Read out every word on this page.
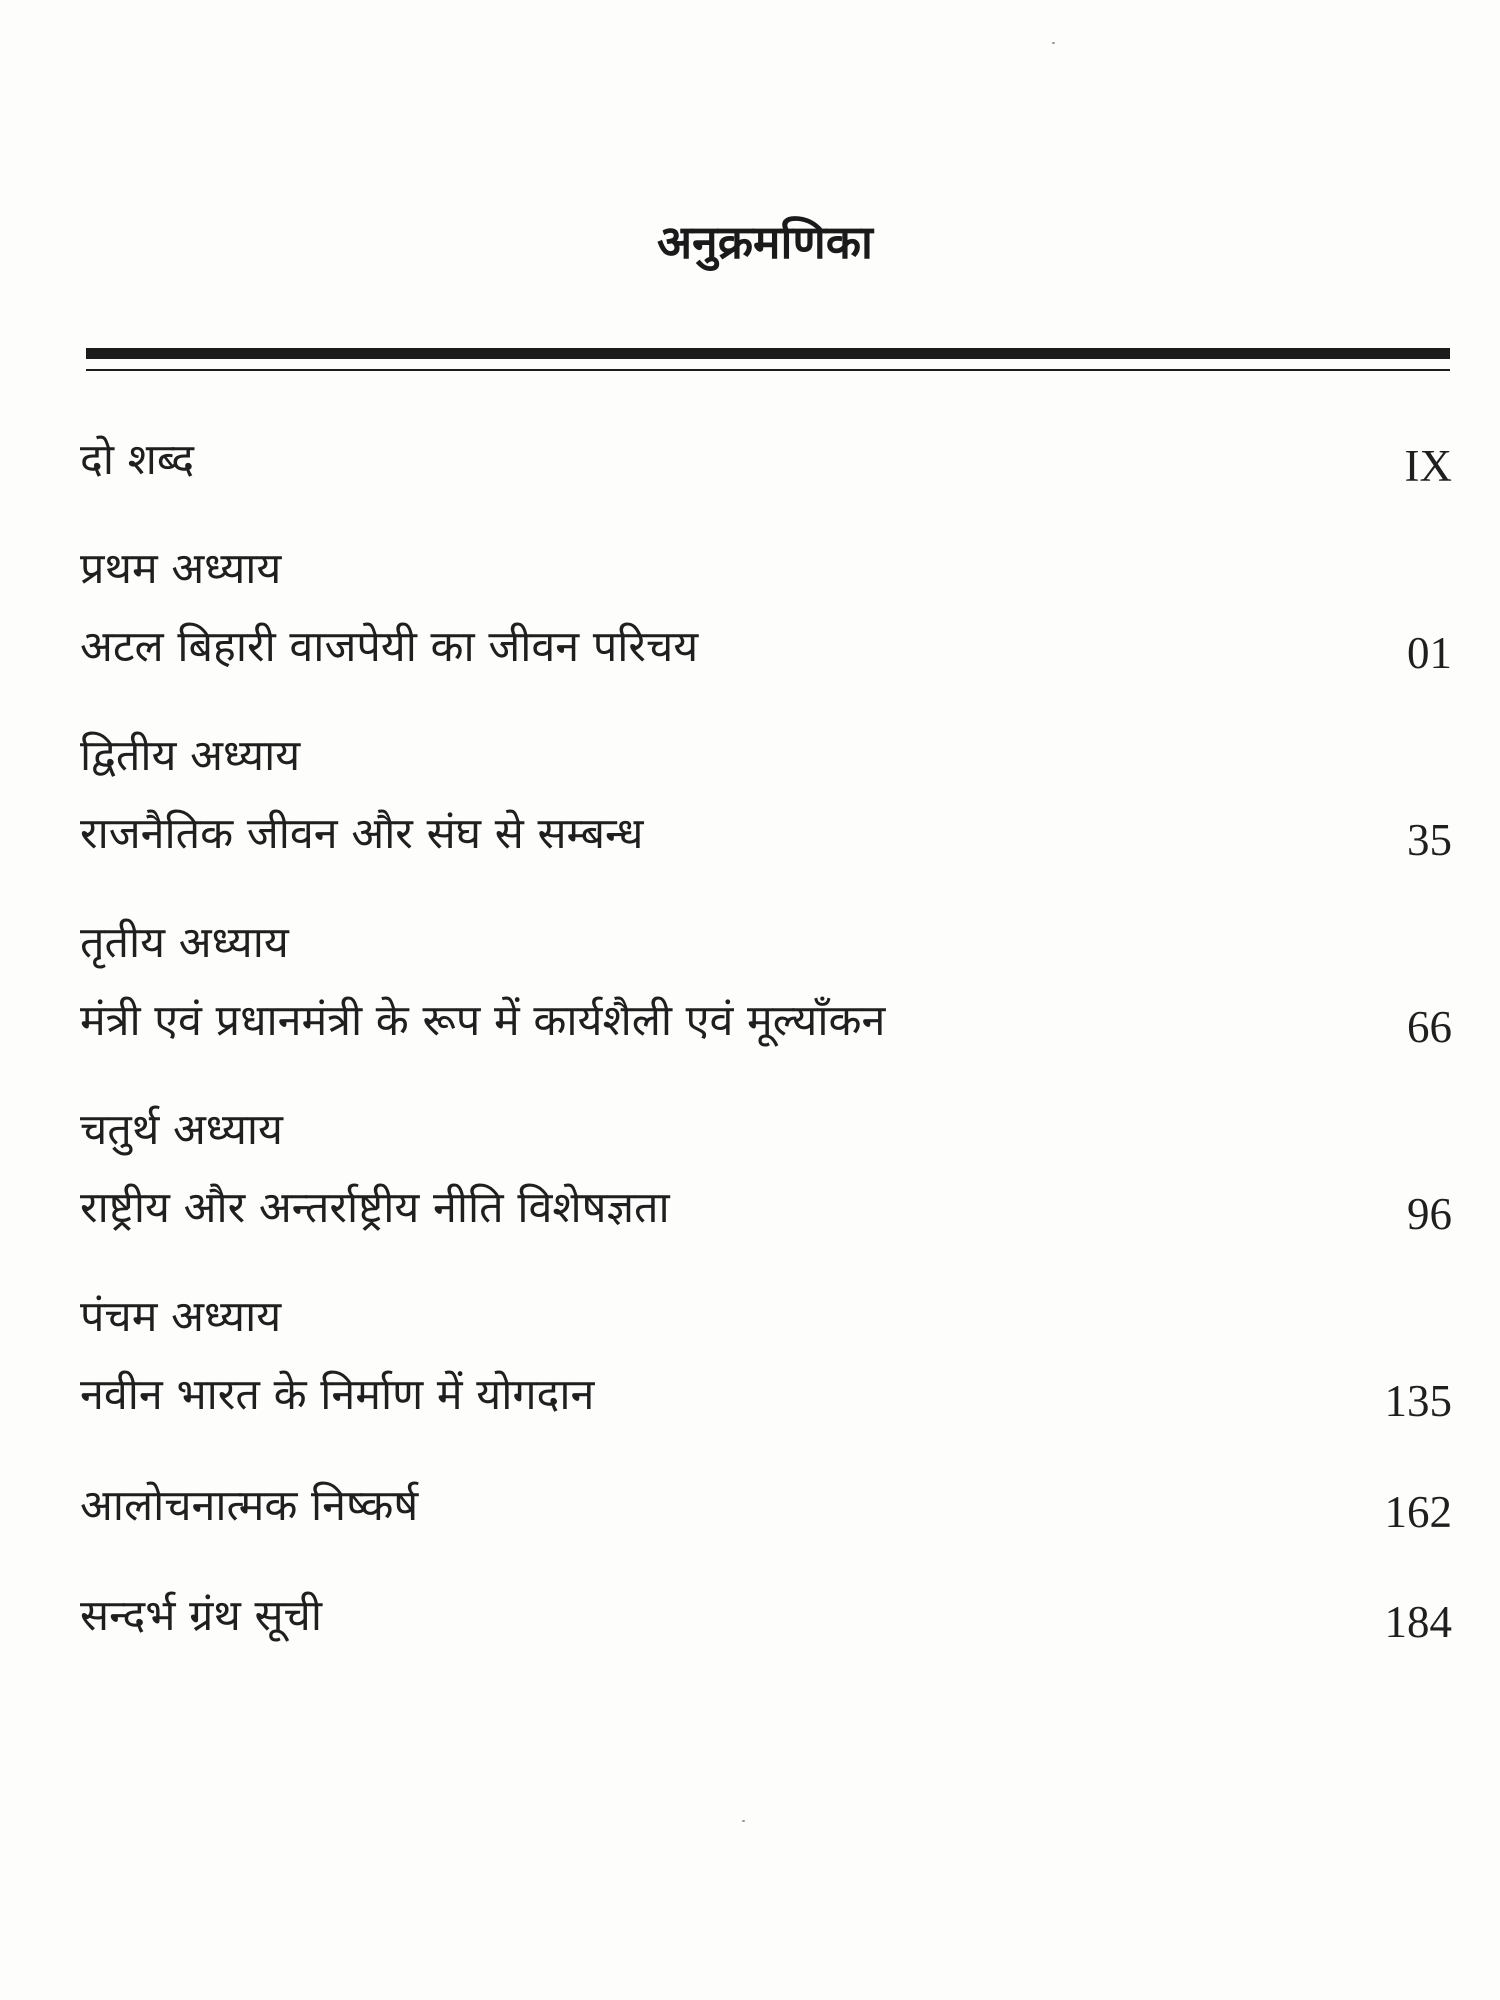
अनुक्रमणिका
दो शब्द	IX
प्रथम अध्याय
अटल बिहारी वाजपेयी का जीवन परिचय	01
द्वितीय अध्याय
राजनैतिक जीवन और संघ से सम्बन्ध	35
तृतीय अध्याय
मंत्री एवं प्रधानमंत्री के रूप में कार्यशैली एवं मूल्याँकन	66
चतुर्थ अध्याय
राष्ट्रीय और अन्तर्राष्ट्रीय नीति विशेषज्ञता	96
पंचम अध्याय
नवीन भारत के निर्माण में योगदान	135
आलोचनात्मक निष्कर्ष	162
सन्दर्भ ग्रंथ सूची	184
